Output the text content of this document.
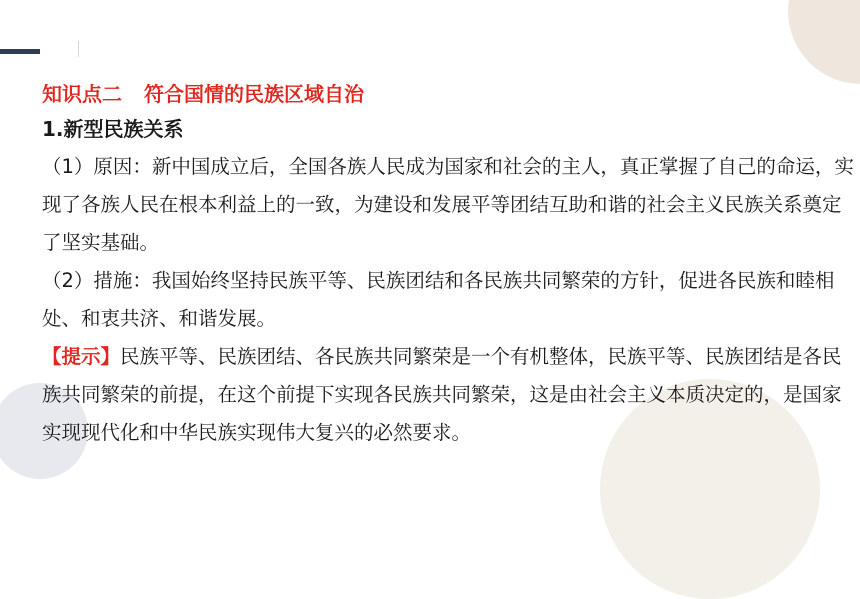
知识点二 符合国情的民族区域自治
1.新型民族关系

（1）原因：新中国成立后，全国各族人民成为国家和社会的主人，真正掌握了自己的命运，实现了各族人民在根本利益上的一致，为建设和发展平等团结互助和谐的社会主义民族关系奠定了坚实基础。

（2）措施：我国始终坚持民族平等、民族团结和各民族共同繁荣的方针，促进各民族和睦相处、和衷共济、和谐发展。

【提示】民族平等、民族团结、各民族共同繁荣是一个有机整体，民族平等、民族团结是各民族共同繁荣的前提，在这个前提下实现各民族共同繁荣，这是由社会主义本质决定的，是国家实现现代化和中华民族实现伟大复兴的必然要求。
